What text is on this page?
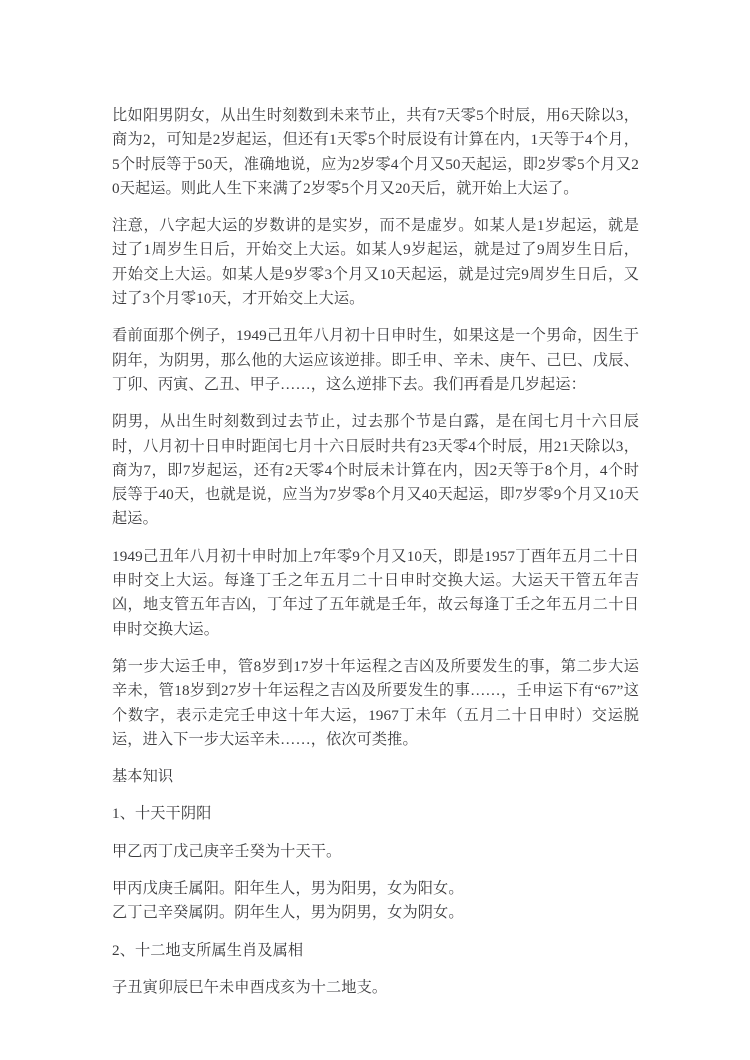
比如阳男阴女，从出生时刻数到未来节止，共有7天零5个时辰，用6天除以3，商为2，可知是2岁起运，但还有1天零5个时辰设有计算在内，1天等于4个月，5个时辰等于50天，准确地说，应为2岁零4个月又50天起运，即2岁零5个月又20天起运。则此人生下来满了2岁零5个月又20天后，就开始上大运了。

注意，八字起大运的岁数讲的是实岁，而不是虚岁。如某人是1岁起运，就是过了1周岁生日后，开始交上大运。如某人9岁起运，就是过了9周岁生日后，开始交上大运。如某人是9岁零3个月又10天起运，就是过完9周岁生日后，又过了3个月零10天，才开始交上大运。

看前面那个例子，1949己丑年八月初十日申时生，如果这是一个男命，因生于阴年，为阴男，那么他的大运应该逆排。即壬申、辛未、庚午、己巳、戊辰、丁卯、丙寅、乙丑、甲子……，这么逆排下去。我们再看是几岁起运：

阴男，从出生时刻数到过去节止，过去那个节是白露，是在闰七月十六日辰时，八月初十日申时距闰七月十六日辰时共有23天零4个时辰，用21天除以3，商为7，即7岁起运，还有2天零4个时辰未计算在内，因2天等于8个月，4个时辰等于40天，也就是说，应当为7岁零8个月又40天起运，即7岁零9个月又10天起运。

1949己丑年八月初十申时加上7年零9个月又10天，即是1957丁酉年五月二十日申时交上大运。每逢丁壬之年五月二十日申时交换大运。大运天干管五年吉凶，地支管五年吉凶，丁年过了五年就是壬年，故云每逢丁壬之年五月二十日申时交换大运。

第一步大运壬申，管8岁到17岁十年运程之吉凶及所要发生的事，第二步大运辛未，管18岁到27岁十年运程之吉凶及所要发生的事……，壬申运下有“67”这个数字，表示走完壬申这十年大运，1967丁未年（五月二十日申时）交运脱运，进入下一步大运辛未……，依次可类推。

基本知识

1、十天干阴阳

甲乙丙丁戊己庚辛壬癸为十天干。

甲丙戊庚壬属阳。阳年生人，男为阳男，女为阳女。
乙丁己辛癸属阴。阴年生人，男为阴男，女为阴女。

2、十二地支所属生肖及属相

子丑寅卯辰巳午未申酉戌亥为十二地支。
